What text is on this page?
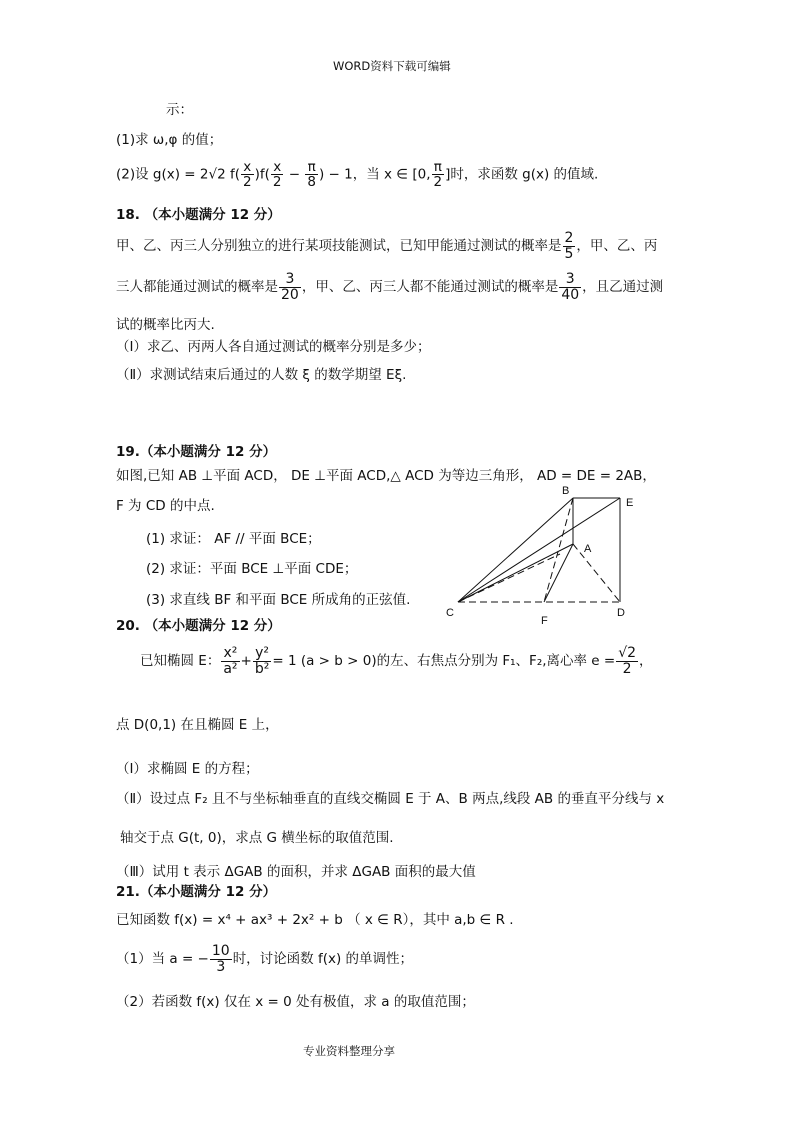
WORD资料下载可编辑
示：
(1)求 ω,φ 的值；
(2)设 g(x) = 2√2 $f( \frac{x}{2} )f( \frac{x}{2} - \frac{\pi}{8}$ ) − 1，当 x ∈ [0, $\frac{\pi}{2}$ ]时，求函数 g(x) 的值域.
18. （本小题满分 12 分）
甲、乙、丙三人分别独立的进行某项技能测试，已知甲能通过测试的概率是 $\frac{2}{5}$ ，甲、乙、丙
三人都能通过测试的概率是 $\frac{3}{20}$ ，甲、乙、丙三人都不能通过测试的概率是 $\frac{3}{40}$ ，且乙通过测
试的概率比丙大.
（Ⅰ）求乙、丙两人各自通过测试的概率分别是多少；
（Ⅱ）求测试结束后通过的人数 ξ 的数学期望 Eξ.
19.（本小题满分 12 分）
如图,已知 AB ⊥平面 ACD， DE ⊥平面 ACD,△ ACD 为等边三角形， AD = DE = 2AB，
F 为 CD 的中点.
(1) 求证： AF // 平面 BCE；
(2) 求证：平面 BCE ⊥平面 CDE；
(3) 求直线 BF 和平面 BCE 所成角的正弦值.
B
E
A
C	D
F
20. （本小题满分 12 分）
已知椭圆 E： $\frac{\text{x²}}{\text{a²}} + \frac{\text{y²}}{\text{b²}} = 1$ (a > b > 0)的左、右焦点分别为 F₁、F₂,离心率 $e = \frac{√2}{2}$ ，
点 D(0,1) 在且椭圆 E 上，
（Ⅰ）求椭圆 E 的方程；
（Ⅱ）设过点 F₂ 且不与坐标轴垂直的直线交椭圆 E 于 A、B 两点,线段 AB 的垂直平分线与 x
轴交于点 G(t, 0)，求点 G 横坐标的取值范围.
（Ⅲ）试用 t 表示 ΔGAB 的面积，并求 ΔGAB 面积的最大值
21.（本小题满分 12 分）
已知函数 f(x) = x⁴ + ax³ + 2x² + b （ x ∈ R），其中 a,b ∈ R .
（1）当 a = − $\frac{10}{3}$ 时，讨论函数 f(x) 的单调性；
（2）若函数 f(x) 仅在 x = 0 处有极值，求 a 的取值范围；
专业资料整理分享
